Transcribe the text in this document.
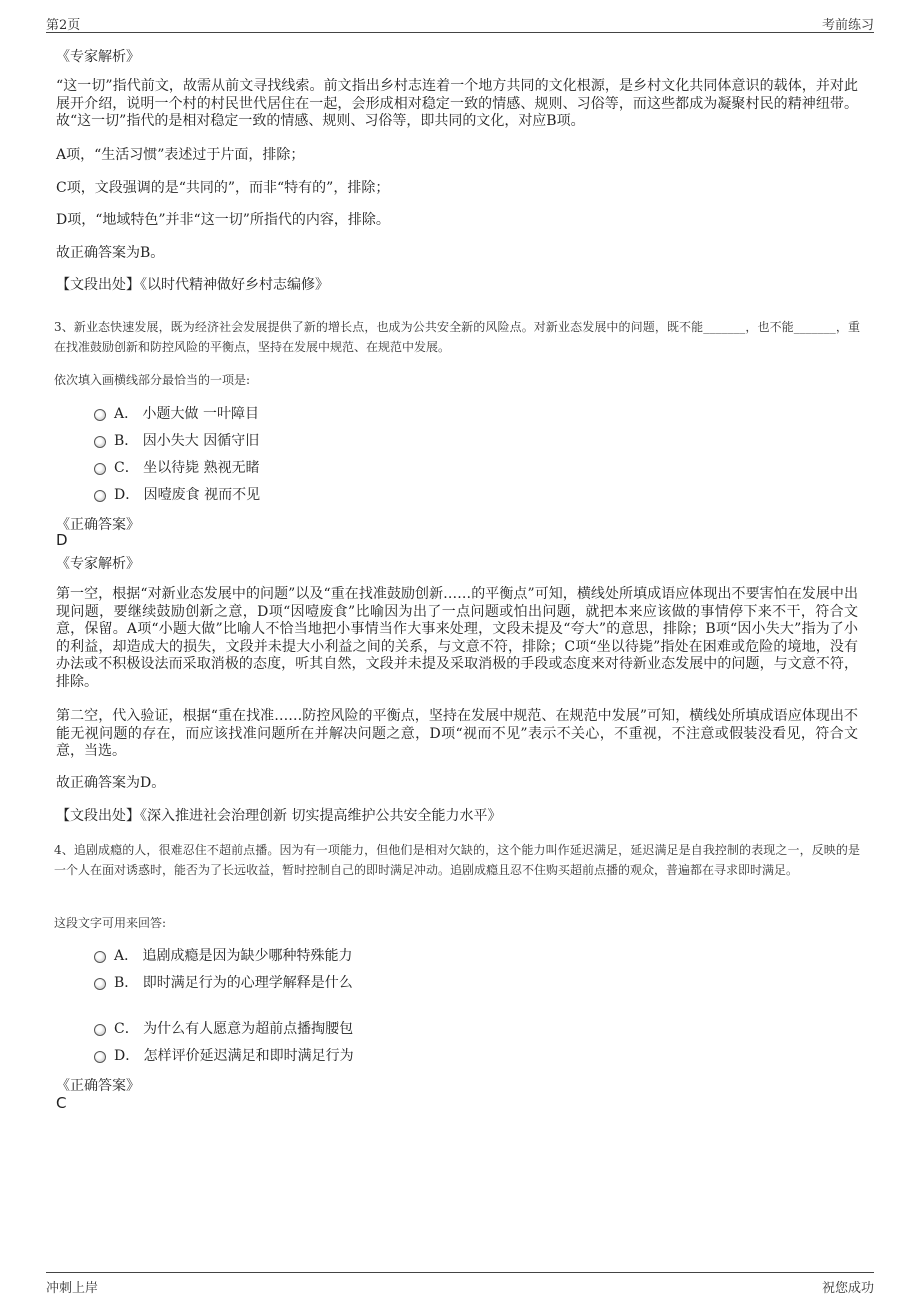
第2页	考前练习
《专家解析》
“这一切”指代前文，故需从前文寻找线索。前文指出乡村志连着一个地方共同的文化根源，是乡村文化共同体意识的载体，并对此展开介绍，说明一个村的村民世代居住在一起，会形成相对稳定一致的情感、规则、习俗等，而这些都成为凝聚村民的精神纽带。故“这一切”指代的是相对稳定一致的情感、规则、习俗等，即共同的文化，对应B项。
A项，“生活习惯”表述过于片面，排除；
C项，文段强调的是“共同的”，而非“特有的”，排除；
D项，“地域特色”并非“这一切”所指代的内容，排除。
故正确答案为B。
【文段出处】《以时代精神做好乡村志编修》
3、新业态快速发展，既为经济社会发展提供了新的增长点，也成为公共安全新的风险点。对新业态发展中的问题，既不能_______，也不能_______，重在找准鼓励创新和防控风险的平衡点，坚持在发展中规范、在规范中发展。
依次填入画横线部分最恰当的一项是:
A． 小题大做 一叶障目
B． 因小失大 因循守旧
C． 坐以待毙 熟视无睹
D． 因噎废食 视而不见
《正确答案》
D
《专家解析》
第一空，根据“对新业态发展中的问题”以及“重在找准鼓励创新……的平衡点”可知，横线处所填成语应体现出不要害怕在发展中出现问题，要继续鼓励创新之意，D项“因噎废食”比喻因为出了一点问题或怕出问题，就把本来应该做的事情停下来不干，符合文意，保留。A项“小题大做”比喻人不恰当地把小事情当作大事来处理，文段未提及“夸大”的意思，排除；B项“因小失大”指为了小的利益，却造成大的损失，文段并未提大小利益之间的关系，与文意不符，排除；C项“坐以待毙”指处在困难或危险的境地，没有办法或不积极设法而采取消极的态度，听其自然，文段并未提及采取消极的手段或态度来对待新业态发展中的问题，与文意不符，排除。
第二空，代入验证，根据“重在找准……防控风险的平衡点，坚持在发展中规范、在规范中发展”可知，横线处所填成语应体现出不能无视问题的存在，而应该找准问题所在并解决问题之意，D项“视而不见”表示不关心，不重视，不注意或假装没看见，符合文意，当选。
故正确答案为D。
【文段出处】《深入推进社会治理创新 切实提高维护公共安全能力水平》
4、追剧成瘾的人，很难忍住不超前点播。因为有一项能力，但他们是相对欠缺的，这个能力叫作延迟满足，延迟满足是自我控制的表现之一，反映的是一个人在面对诱惑时，能否为了长远收益，暂时控制自己的即时满足冲动。追剧成瘾且忍不住购买超前点播的观众，普遍都在寻求即时满足。
这段文字可用来回答:
A． 追剧成瘾是因为缺少哪种特殊能力
B． 即时满足行为的心理学解释是什么
C． 为什么有人愿意为超前点播掏腰包
D． 怎样评价延迟满足和即时满足行为
《正确答案》
C
冲刺上岸	祝您成功
